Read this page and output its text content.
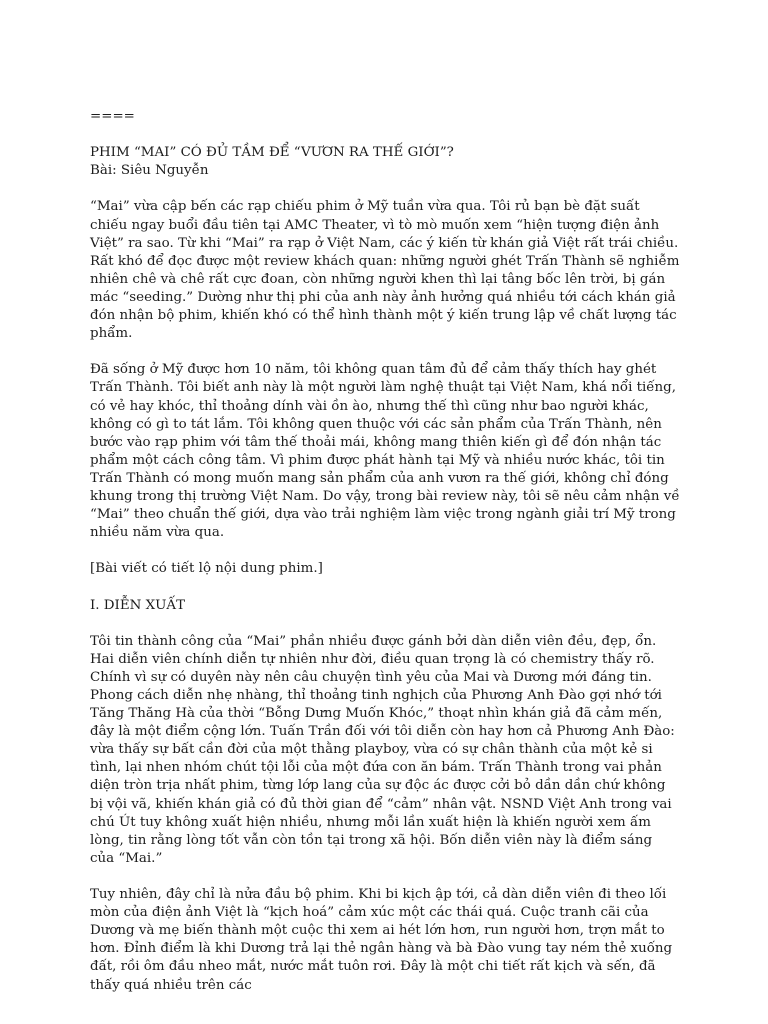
====

PHIM “MAI” CÓ ĐỦ TẦM ĐỂ “VƯƠN RA THẾ GIỚI”?
Bài: Siêu Nguyễn

“Mai” vừa cập bến các rạp chiếu phim ở Mỹ tuần vừa qua. Tôi rủ bạn bè đặt suất chiếu ngay buổi đầu tiên tại AMC Theater, vì tò mò muốn xem “hiện tượng điện ảnh Việt” ra sao. Từ khi “Mai” ra rạp ở Việt Nam, các ý kiến từ khán giả Việt rất trái chiều. Rất khó để đọc được một review khách quan: những người ghét Trấn Thành sẽ nghiễm nhiên chê và chê rất cực đoan, còn những người khen thì lại tâng bốc lên trời, bị gán mác “seeding.” Dường như thị phi của anh này ảnh hưởng quá nhiều tới cách khán giả đón nhận bộ phim, khiến khó có thể hình thành một ý kiến trung lập về chất lượng tác phẩm.

Đã sống ở Mỹ được hơn 10 năm, tôi không quan tâm đủ để cảm thấy thích hay ghét Trấn Thành. Tôi biết anh này là một người làm nghệ thuật tại Việt Nam, khá nổi tiếng, có vẻ hay khóc, thỉ thoảng dính vài ồn ào, nhưng thế thì cũng như bao người khác, không có gì to tát lắm. Tôi không quen thuộc với các sản phẩm của Trấn Thành, nên bước vào rạp phim với tâm thế thoải mái, không mang thiên kiến gì để đón nhận tác phẩm một cách công tâm. Vì phim được phát hành tại Mỹ và nhiều nước khác, tôi tin Trấn Thành có mong muốn mang sản phẩm của anh vươn ra thế giới, không chỉ đóng khung trong thị trường Việt Nam. Do vậy, trong bài review này, tôi sẽ nêu cảm nhận về “Mai” theo chuẩn thế giới, dựa vào trải nghiệm làm việc trong ngành giải trí Mỹ trong nhiều năm vừa qua.

[Bài viết có tiết lộ nội dung phim.]

I. DIỄN XUẤT

Tôi tin thành công của “Mai” phần nhiều được gánh bởi dàn diễn viên đều, đẹp, ổn. Hai diễn viên chính diễn tự nhiên như đời, điều quan trọng là có chemistry thấy rõ. Chính vì sự có duyên này nên câu chuyện tình yêu của Mai và Dương mới đáng tin. Phong cách diễn nhẹ nhàng, thỉ thoảng tinh nghịch của Phương Anh Đào gợi nhớ tới Tăng Thăng Hà của thời “Bỗng Dưng Muốn Khóc,” thoạt nhìn khán giả đã cảm mến, đây là một điểm cộng lớn. Tuấn Trần đối với tôi diễn còn hay hơn cả Phương Anh Đào: vừa thấy sự bất cần đời của một thằng playboy, vừa có sự chân thành của một kẻ si tình, lại nhen nhóm chút tội lỗi của một đứa con ăn bám. Trấn Thành trong vai phản diện tròn trịa nhất phim, từng lớp lang của sự độc ác được cởi bỏ dần dần chứ không bị vội vã, khiến khán giả có đủ thời gian để “cảm” nhân vật. NSND Việt Anh trong vai chú Út tuy không xuất hiện nhiều, nhưng mỗi lần xuất hiện là khiến người xem ấm lòng, tin rằng lòng tốt vẫn còn tồn tại trong xã hội. Bốn diễn viên này là điểm sáng của “Mai.”

Tuy nhiên, đây chỉ là nửa đầu bộ phim. Khi bi kịch ập tới, cả dàn diễn viên đi theo lối mòn của điện ảnh Việt là “kịch hoá” cảm xúc một các thái quá. Cuộc tranh cãi của Dương và mẹ biến thành một cuộc thi xem ai hét lớn hơn, run người hơn, trợn mắt to hơn. Đỉnh điểm là khi Dương trả lại thẻ ngân hàng và bà Đào vung tay ném thẻ xuống đất, rồi ôm đầu nheo mắt, nước mắt tuôn rơi. Đây là một chi tiết rất kịch và sến, đã thấy quá nhiều trên các
